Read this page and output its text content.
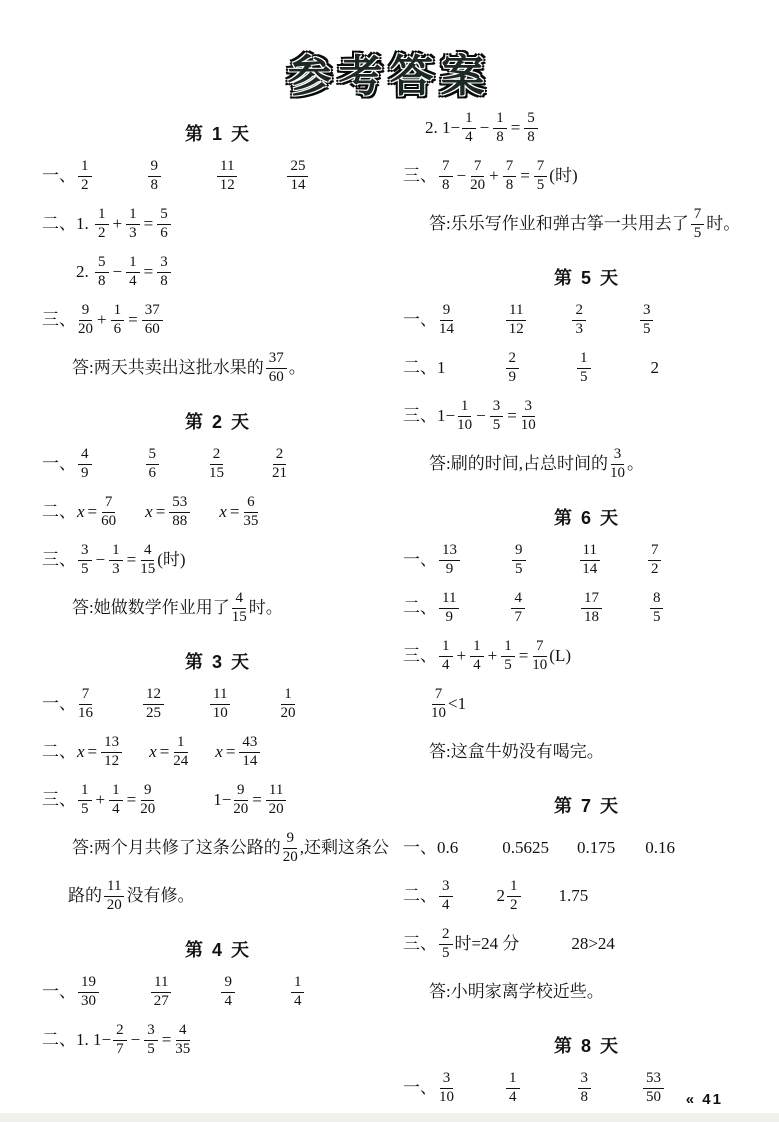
参考答案
第 1 天
一、 $\frac{1}{2}$	$\frac{9}{8}$	$\frac{11}{12}$	$\frac{25}{14}$
二、1. $\frac{1}{2} + \frac{1}{3} = \frac{5}{6}$
2. $\frac{5}{8} - \frac{1}{4} = \frac{3}{8}$
三、 $\frac{9}{20} + \frac{1}{6} = \frac{37}{60}$
答:两天共卖出这批水果的 $\frac{37}{60}$ 。
第 2 天
一、 $\frac{4}{9}$	$\frac{5}{6}$	$\frac{2}{15}$	$\frac{2}{21}$
二、 $x = \frac{7}{60}$ $x = \frac{53}{88}$ $x = \frac{6}{35}$
三、 $\frac{3}{5} - \frac{1}{3} = \frac{4}{15}$ (时)
答:她做数学作业用了 $\frac{4}{15}$ 时。
第 3 天
一、 $\frac{7}{16}$	$\frac{12}{25}$	$\frac{11}{10}$	$\frac{1}{20}$
二、 $x = \frac{13}{12}$ $x = \frac{1}{24}$ $x = \frac{43}{14}$
三、 $\frac{1}{5} + \frac{1}{4} = \frac{9}{20}$	$1- \frac{9}{20} = \frac{11}{20}$
答:两个月共修了这条公路的 $\frac{9}{20}$ ,还剩这条公
路的 $\frac{11}{20}$ 没有修。
第 4 天
一、 $\frac{19}{30}$	$\frac{11}{27}$	$\frac{9}{4}$	$\frac{1}{4}$
二、1. $1- \frac{2}{7} - \frac{3}{5} = \frac{4}{35}$
2. $1- \frac{1}{4} - \frac{1}{8} = \frac{5}{8}$
三、 $\frac{7}{8} - \frac{7}{20} + \frac{7}{8} = \frac{7}{5}$ (时)
答:乐乐写作业和弹古筝一共用去了 $\frac{7}{5}$ 时。
第 5 天
一、 $\frac{9}{14}$	$\frac{11}{12}$	$\frac{2}{3}$	$\frac{3}{5}$
二、1	$\frac{2}{9}$	$\frac{1}{5}$	2
三、$1- \frac{1}{10} - \frac{3}{5} = \frac{3}{10}$
答:刷的时间,占总时间的 $\frac{3}{10}$ 。
第 6 天
一、 $\frac{13}{9}$	$\frac{9}{5}$	$\frac{11}{14}$	$\frac{7}{2}$
二、 $\frac{11}{9}$	$\frac{4}{7}$	$\frac{17}{18}$	$\frac{8}{5}$
三、 $\frac{1}{4} + \frac{1}{4} + \frac{1}{5} = \frac{7}{10} (L)$
$\frac{7}{10} <1$
答:这盒牛奶没有喝完。
第 7 天
一、0.6	0.5625 0.175 0.16
二、 $\frac{3}{4}$	$2 \frac{1}{2} 1.75$
三、 $\frac{2}{5}$ 时=24 分	28>24
答:小明家离学校近些。
第 8 天
一、 $\frac{3}{10}$	$\frac{1}{4}$	$\frac{3}{8}$	$\frac{53}{50}$ « 41
